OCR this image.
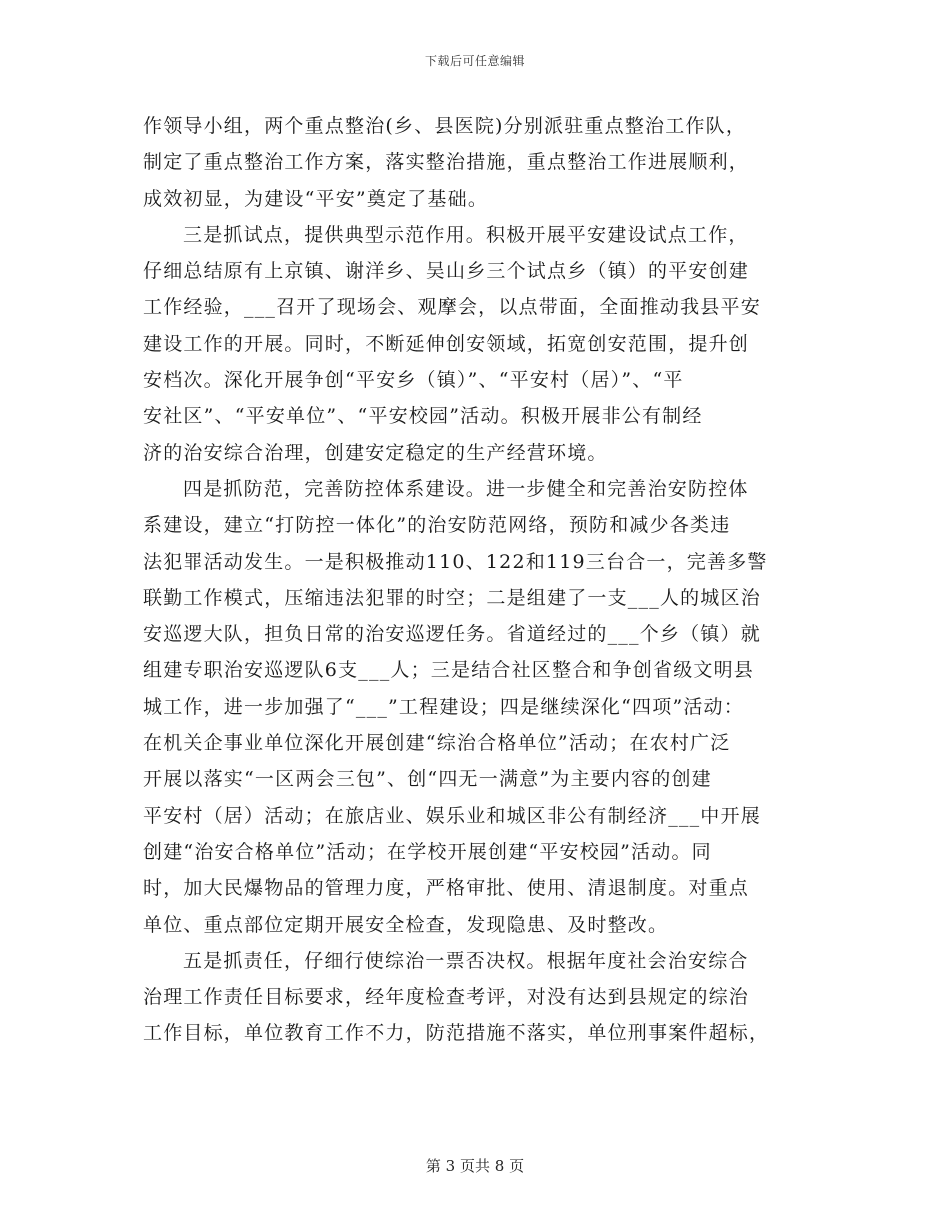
下载后可任意编辑
作领导小组，两个重点整治(乡、县医院)分别派驻重点整治工作队，
制定了重点整治工作方案，落实整治措施，重点整治工作进展顺利，
成效初显，为建设“平安”奠定了基础。
三是抓试点，提供典型示范作用。积极开展平安建设试点工作，
仔细总结原有上京镇、谢洋乡、吴山乡三个试点乡（镇）的平安创建
工作经验，___召开了现场会、观摩会，以点带面，全面推动我县平安
建设工作的开展。同时，不断延伸创安领域，拓宽创安范围，提升创
安档次。深化开展争创“平安乡（镇）”、“平安村（居）”、“平
安社区”、“平安单位”、“平安校园”活动。积极开展非公有制经
济的治安综合治理，创建安定稳定的生产经营环境。
四是抓防范，完善防控体系建设。进一步健全和完善治安防控体
系建设，建立“打防控一体化”的治安防范网络，预防和减少各类违
法犯罪活动发生。一是积极推动110、122和119三台合一，完善多警
联勤工作模式，压缩违法犯罪的时空；二是组建了一支___人的城区治
安巡逻大队，担负日常的治安巡逻任务。省道经过的___个乡（镇）就
组建专职治安巡逻队6支___人；三是结合社区整合和争创省级文明县
城工作，进一步加强了“___”工程建设；四是继续深化“四项”活动：
在机关企事业单位深化开展创建“综治合格单位”活动；在农村广泛
开展以落实“一区两会三包”、创“四无一满意”为主要内容的创建
平安村（居）活动；在旅店业、娱乐业和城区非公有制经济___中开展
创建“治安合格单位”活动；在学校开展创建“平安校园”活动。同
时，加大民爆物品的管理力度，严格审批、使用、清退制度。对重点
单位、重点部位定期开展安全检查，发现隐患、及时整改。
五是抓责任，仔细行使综治一票否决权。根据年度社会治安综合
治理工作责任目标要求，经年度检查考评，对没有达到县规定的综治
工作目标，单位教育工作不力，防范措施不落实，单位刑事案件超标，
第 3 页共 8 页
